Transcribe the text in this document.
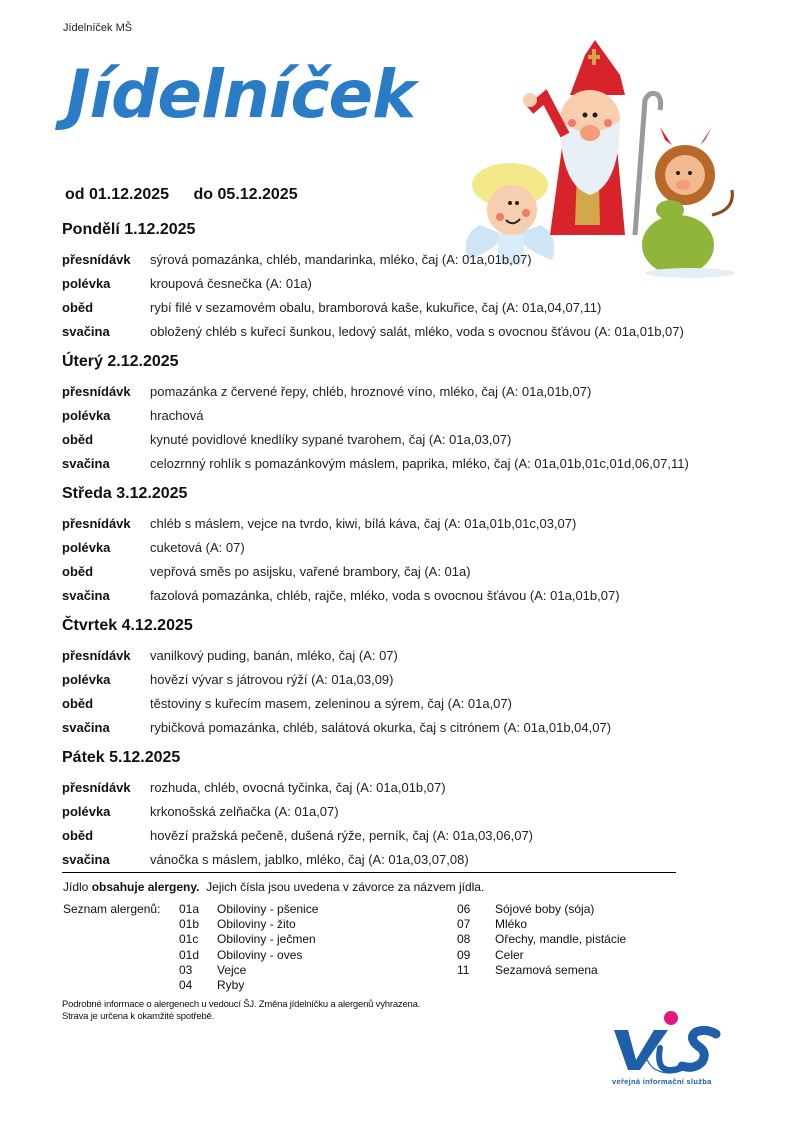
Jídelníček MŠ
Jídelníček
od 01.12.2025 do 05.12.2025
Pondělí 1.12.2025
přesnídávk	sýrová pomazánka, chléb, mandarinka, mléko, čaj (A: 01a,01b,07)
polévka	kroupová česnečka (A: 01a)
oběd	rybí filé v sezamovém obalu, bramborová kaše, kukuřice, čaj (A: 01a,04,07,11)
svačina	obložený chléb s kuřecí šunkou, ledový salát, mléko, voda s ovocnou šťávou (A: 01a,01b,07)
Úterý 2.12.2025
přesnídávk	pomazánka z červené řepy, chléb, hroznové víno, mléko, čaj (A: 01a,01b,07)
polévka	hrachová
oběd	kynuté povidlové knedlíky sypané tvarohem, čaj (A: 01a,03,07)
svačina	celozrnný rohlík s pomazánkovým máslem, paprika, mléko, čaj (A: 01a,01b,01c,01d,06,07,11)
Středa 3.12.2025
přesnídávk	chléb s máslem, vejce na tvrdo, kiwi, bílá káva, čaj (A: 01a,01b,01c,03,07)
polévka	cuketová (A: 07)
oběd	vepřová směs po asijsku, vařené brambory, čaj (A: 01a)
svačina	fazolová pomazánka, chléb, rajče, mléko, voda s ovocnou šťávou (A: 01a,01b,07)
Čtvrtek 4.12.2025
přesnídávk	vanilkový puding, banán, mléko, čaj (A: 07)
polévka	hovězí vývar s játrovou rýží (A: 01a,03,09)
oběd	těstoviny s kuřecím masem, zeleninou a sýrem, čaj (A: 01a,07)
svačina	rybičková pomazánka, chléb, salátová okurka, čaj s citrónem (A: 01a,01b,04,07)
Pátek 5.12.2025
přesnídávk	rozhuda, chléb, ovocná tyčinka, čaj (A: 01a,01b,07)
polévka	krkonošská zelňačka (A: 01a,07)
oběd	hovězí pražská pečeně, dušená rýže, perník, čaj (A: 01a,03,06,07)
svačina	vánočka s máslem, jablko, mléko, čaj (A: 01a,03,07,08)
Jídlo obsahuje alergeny.  Jejich čísla jsou uvedena v závorce za názvem jídla.
Seznam alergenů: 01a	Obiloviny - pšenice
01b	Obiloviny - žito
01c	Obiloviny - ječmen
01d	Obiloviny - oves
03	Vejce
04	Ryby
06	Sójové boby (sója)
07	Mléko
08	Ořechy, mandle, pistácie
09	Celer
11	Sezamová semena
Podrobné informace o alergenech u vedoucí ŠJ. Změna jídelníčku a alergenů vyhrazena.
Strava je určena k okamžité spotřebě.
veřejná informační služba
